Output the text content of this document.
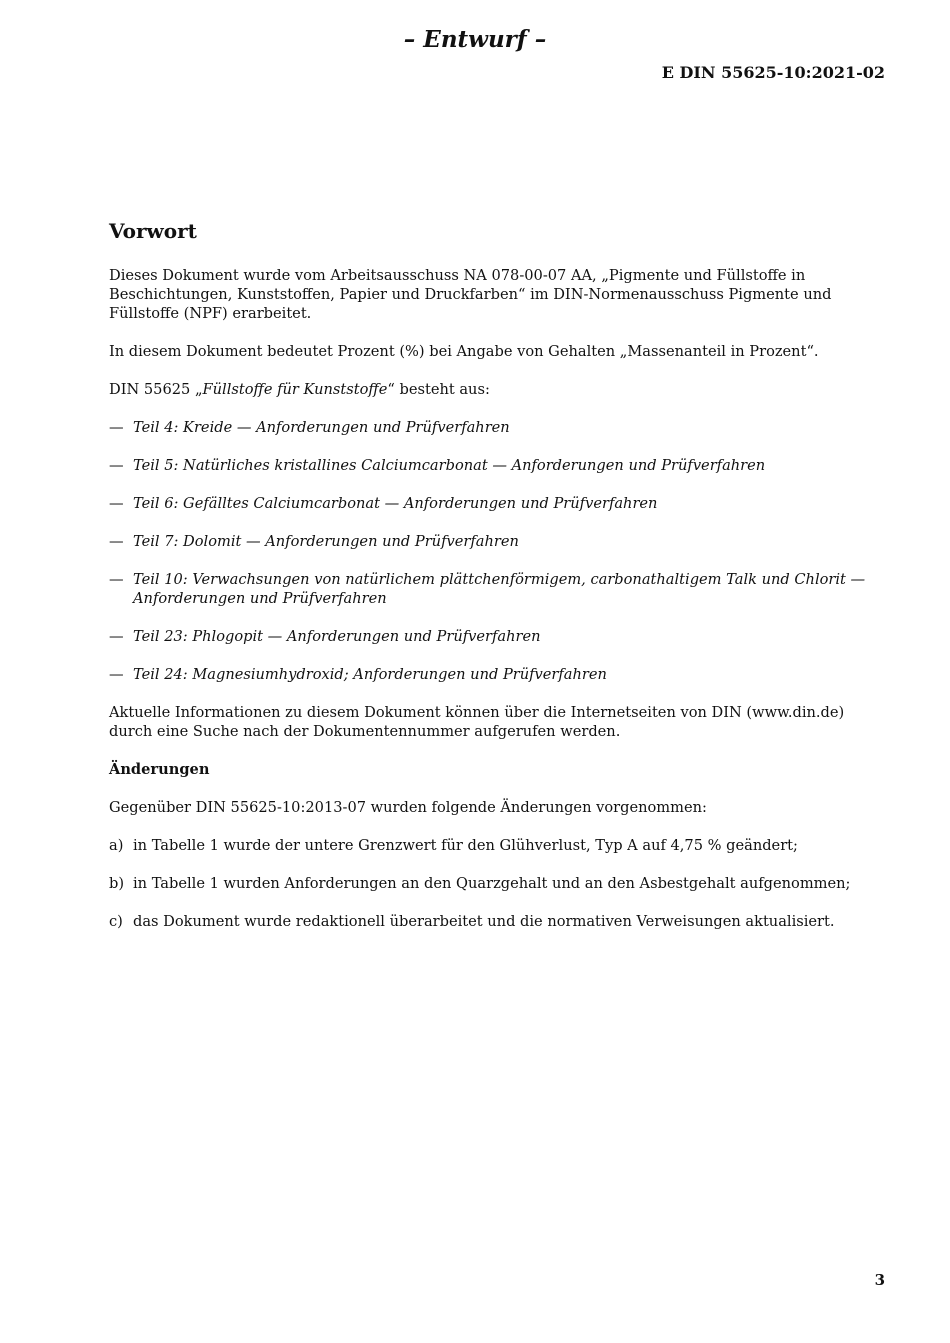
– Entwurf –
E DIN 55625-10:2021-02
Vorwort

Dieses Dokument wurde vom Arbeitsausschuss NA 078-00-07 AA, „Pigmente und Füllstoffe in Beschichtungen, Kunststoffen, Papier und Druckfarben“ im DIN-Normenausschuss Pigmente und Füllstoffe (NPF) erarbeitet.

In diesem Dokument bedeutet Prozent (%) bei Angabe von Gehalten „Massenanteil in Prozent“.

DIN 55625 „Füllstoffe für Kunststoffe“ besteht aus:

— Teil 4: Kreide — Anforderungen und Prüfverfahren
— Teil 5: Natürliches kristallines Calciumcarbonat — Anforderungen und Prüfverfahren
— Teil 6: Gefälltes Calciumcarbonat — Anforderungen und Prüfverfahren
— Teil 7: Dolomit — Anforderungen und Prüfverfahren
— Teil 10: Verwachsungen von natürlichem plättchenförmigem, carbonathaltigem Talk und Chlorit — Anforderungen und Prüfverfahren
— Teil 23: Phlogopit — Anforderungen und Prüfverfahren
— Teil 24: Magnesiumhydroxid; Anforderungen und Prüfverfahren

Aktuelle Informationen zu diesem Dokument können über die Internetseiten von DIN (www.din.de) durch eine Suche nach der Dokumentennummer aufgerufen werden.

Änderungen

Gegenüber DIN 55625-10:2013-07 wurden folgende Änderungen vorgenommen:

a) in Tabelle 1 wurde der untere Grenzwert für den Glühverlust, Typ A auf 4,75 % geändert;
b) in Tabelle 1 wurden Anforderungen an den Quarzgehalt und an den Asbestgehalt aufgenommen;
c) das Dokument wurde redaktionell überarbeitet und die normativen Verweisungen aktualisiert.
3
